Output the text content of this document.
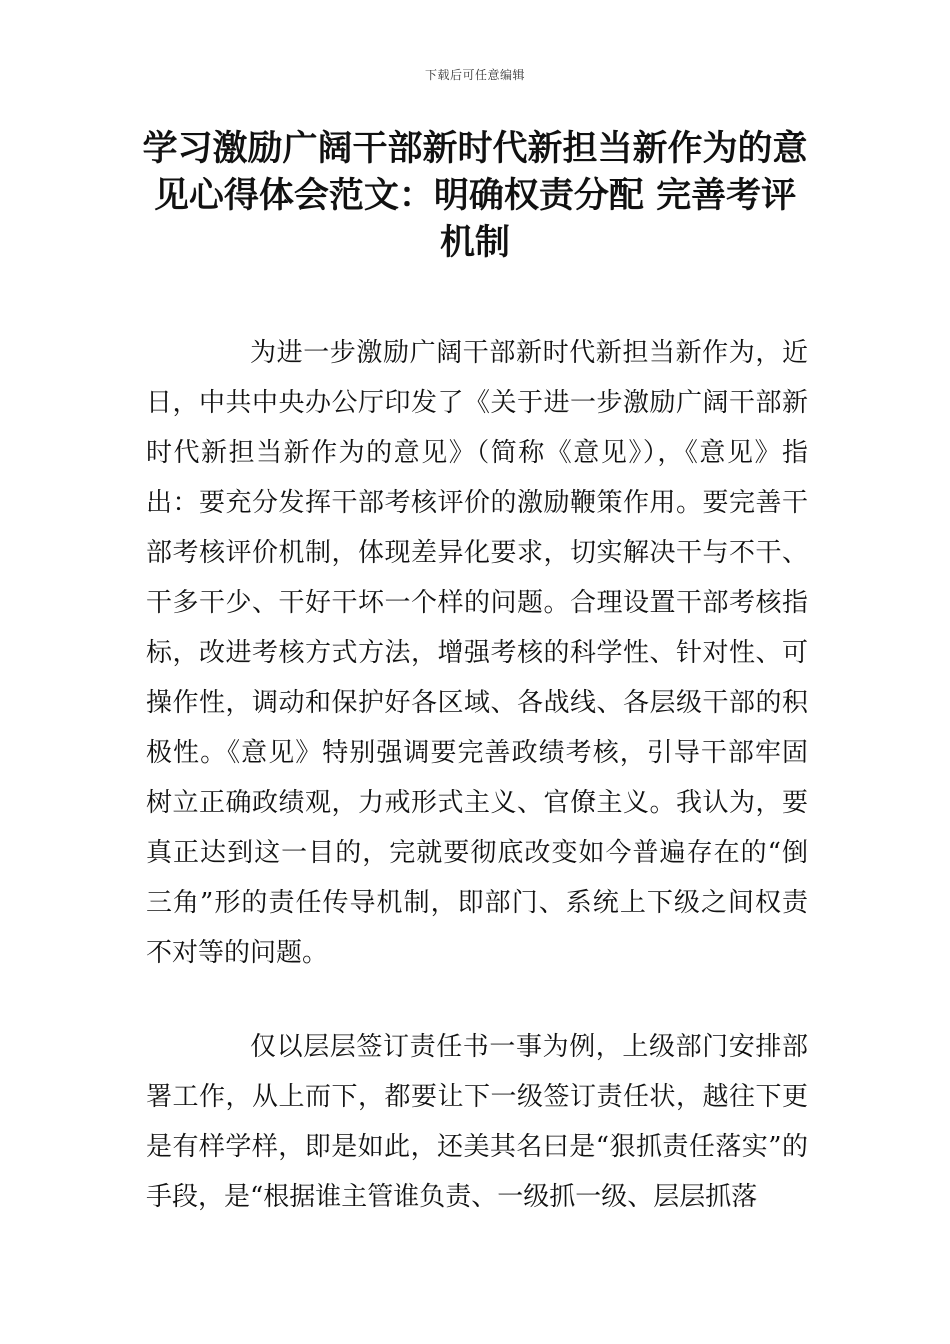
下载后可任意编辑
学习激励广阔干部新时代新担当新作为的意见心得体会范文：明确权责分配 完善考评机制

为进一步激励广阔干部新时代新担当新作为，近日，中共中央办公厅印发了《关于进一步激励广阔干部新时代新担当新作为的意见》（简称《意见》），《意见》指出：要充分发挥干部考核评价的激励鞭策作用。要完善干部考核评价机制，体现差异化要求，切实解决干与不干、干多干少、干好干坏一个样的问题。合理设置干部考核指标，改进考核方式方法，增强考核的科学性、针对性、可操作性，调动和保护好各区域、各战线、各层级干部的积极性。《意见》特别强调要完善政绩考核，引导干部牢固树立正确政绩观，力戒形式主义、官僚主义。我认为，要真正达到这一目的，完就要彻底改变如今普遍存在的“倒三角”形的责任传导机制，即部门、系统上下级之间权责不对等的问题。

仅以层层签订责任书一事为例，上级部门安排部署工作，从上而下，都要让下一级签订责任状，越往下更是有样学样，即是如此，还美其名曰是“狠抓责任落实”的手段，是“根据谁主管谁负责、一级抓一级、层层抓落
